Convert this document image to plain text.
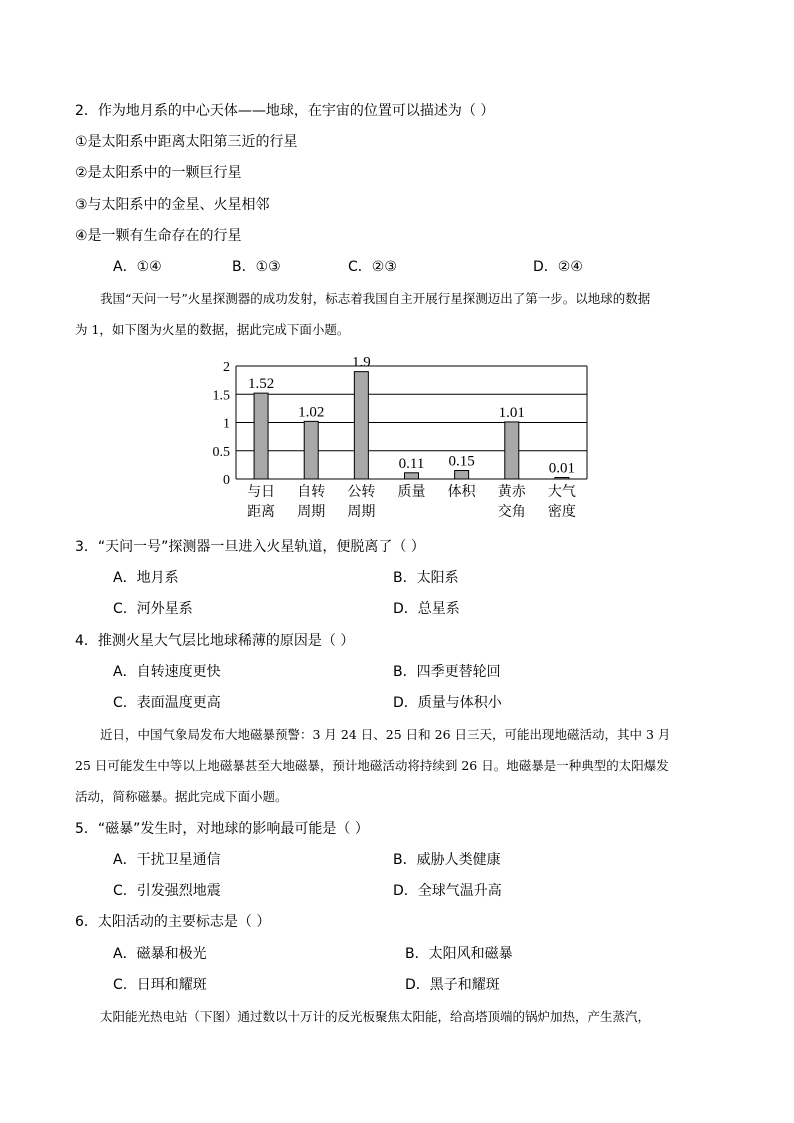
2．作为地月系的中心天体——地球，在宇宙的位置可以描述为（ ）
①是太阳系中距离太阳第三近的行星
②是太阳系中的一颗巨行星
③与太阳系中的金星、火星相邻
④是一颗有生命存在的行星
A．①④	B．①③	C．②③	D．②④
我国“天问一号”火星探测器的成功发射，标志着我国自主开展行星探测迈出了第一步。以地球的数据
为 1，如下图为火星的数据，据此完成下面小题。
0
0.5
1
1.5
2
1.52
与日
距离
1.02
自转
周期
1.9
公转
周期
0.11
质量
0.15
体积
1.01
黄赤
交角
0.01
大气
密度
3．“天问一号”探测器一旦进入火星轨道，便脱离了（ ）
A．地月系	B．太阳系
C．河外星系	D．总星系
4．推测火星大气层比地球稀薄的原因是（ ）
A．自转速度更快	B．四季更替轮回
C．表面温度更高	D．质量与体积小
近日，中国气象局发布大地磁暴预警：3 月 24 日、25 日和 26 日三天，可能出现地磁活动，其中 3 月
25 日可能发生中等以上地磁暴甚至大地磁暴，预计地磁活动将持续到 26 日。地磁暴是一种典型的太阳爆发
活动，简称磁暴。据此完成下面小题。
5．“磁暴”发生时，对地球的影响最可能是（ ）
A．干扰卫星通信	B．威胁人类健康
C．引发强烈地震	D．全球气温升高
6．太阳活动的主要标志是（ ）
A．磁暴和极光	B．太阳风和磁暴
C．日珥和耀斑	D．黑子和耀斑
太阳能光热电站（下图）通过数以十万计的反光板聚焦太阳能，给高塔顶端的锅炉加热，产生蒸汽，
